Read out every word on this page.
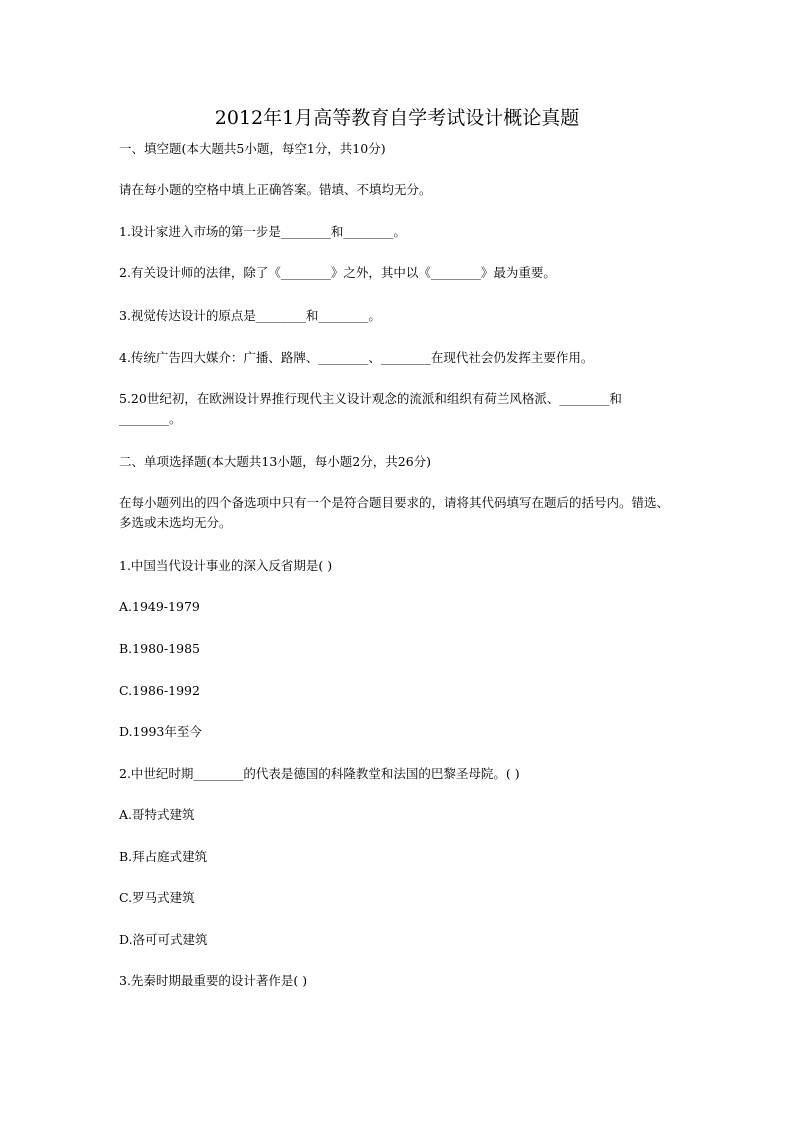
2012年1月高等教育自学考试设计概论真题
一、填空题(本大题共5小题，每空1分，共10分)
请在每小题的空格中填上正确答案。错填、不填均无分。
1.设计家进入市场的第一步是________和________。
2.有关设计师的法律，除了《________》之外，其中以《________》最为重要。
3.视觉传达设计的原点是________和________。
4.传统广告四大媒介：广播、路牌、________、________在现代社会仍发挥主要作用。
5.20世纪初，在欧洲设计界推行现代主义设计观念的流派和组织有荷兰风格派、________和________。
二、单项选择题(本大题共13小题，每小题2分，共26分)
在每小题列出的四个备选项中只有一个是符合题目要求的，请将其代码填写在题后的括号内。错选、多选或未选均无分。
1.中国当代设计事业的深入反省期是( )
A.1949-1979
B.1980-1985
C.1986-1992
D.1993年至今
2.中世纪时期________的代表是德国的科隆教堂和法国的巴黎圣母院。( )
A.哥特式建筑
B.拜占庭式建筑
C.罗马式建筑
D.洛可可式建筑
3.先秦时期最重要的设计著作是( )
